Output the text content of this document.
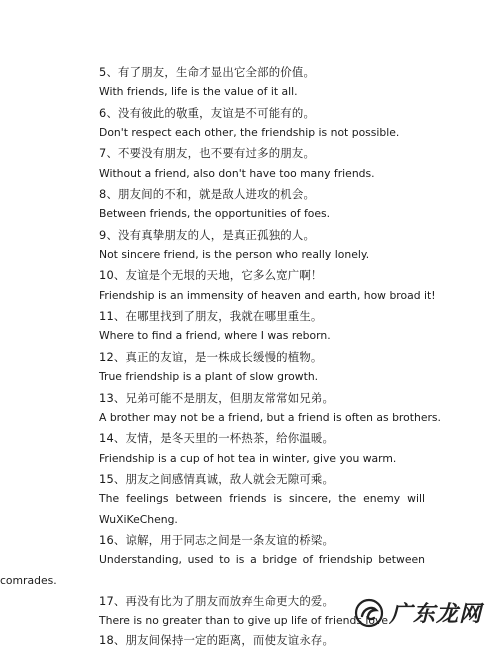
5、有了朋友，生命才显出它全部的价值。

With friends, life is the value of it all.

6、没有彼此的敬重，友谊是不可能有的。

Don't respect each other, the friendship is not possible.

7、不要没有朋友，也不要有过多的朋友。

Without a friend, also don't have too many friends.

8、朋友间的不和，就是敌人进攻的机会。

Between friends, the opportunities of foes.

9、没有真挚朋友的人，是真正孤独的人。

Not sincere friend, is the person who really lonely.

10、友谊是个无垠的天地，它多么宽广啊！

Friendship is an immensity of heaven and earth, how broad it!

11、在哪里找到了朋友，我就在哪里重生。

Where to find a friend, where I was reborn.

12、真正的友谊，是一株成长缓慢的植物。

True friendship is a plant of slow growth.

13、兄弟可能不是朋友，但朋友常常如兄弟。

A brother may not be a friend, but a friend is often as brothers.

14、友情，是冬天里的一杯热茶，给你温暖。

Friendship is a cup of hot tea in winter, give you warm.

15、朋友之间感情真诚，敌人就会无隙可乘。

The feelings between friends is sincere, the enemy will

WuXiKeCheng.

16、谅解，用于同志之间是一条友谊的桥梁。

Understanding, used to is a bridge of friendship between

comrades.

17、再没有比为了朋友而放弃生命更大的爱。

There is no greater than to give up life of friends love.

18、朋友间保持一定的距离，而使友谊永存。

广东龙网
